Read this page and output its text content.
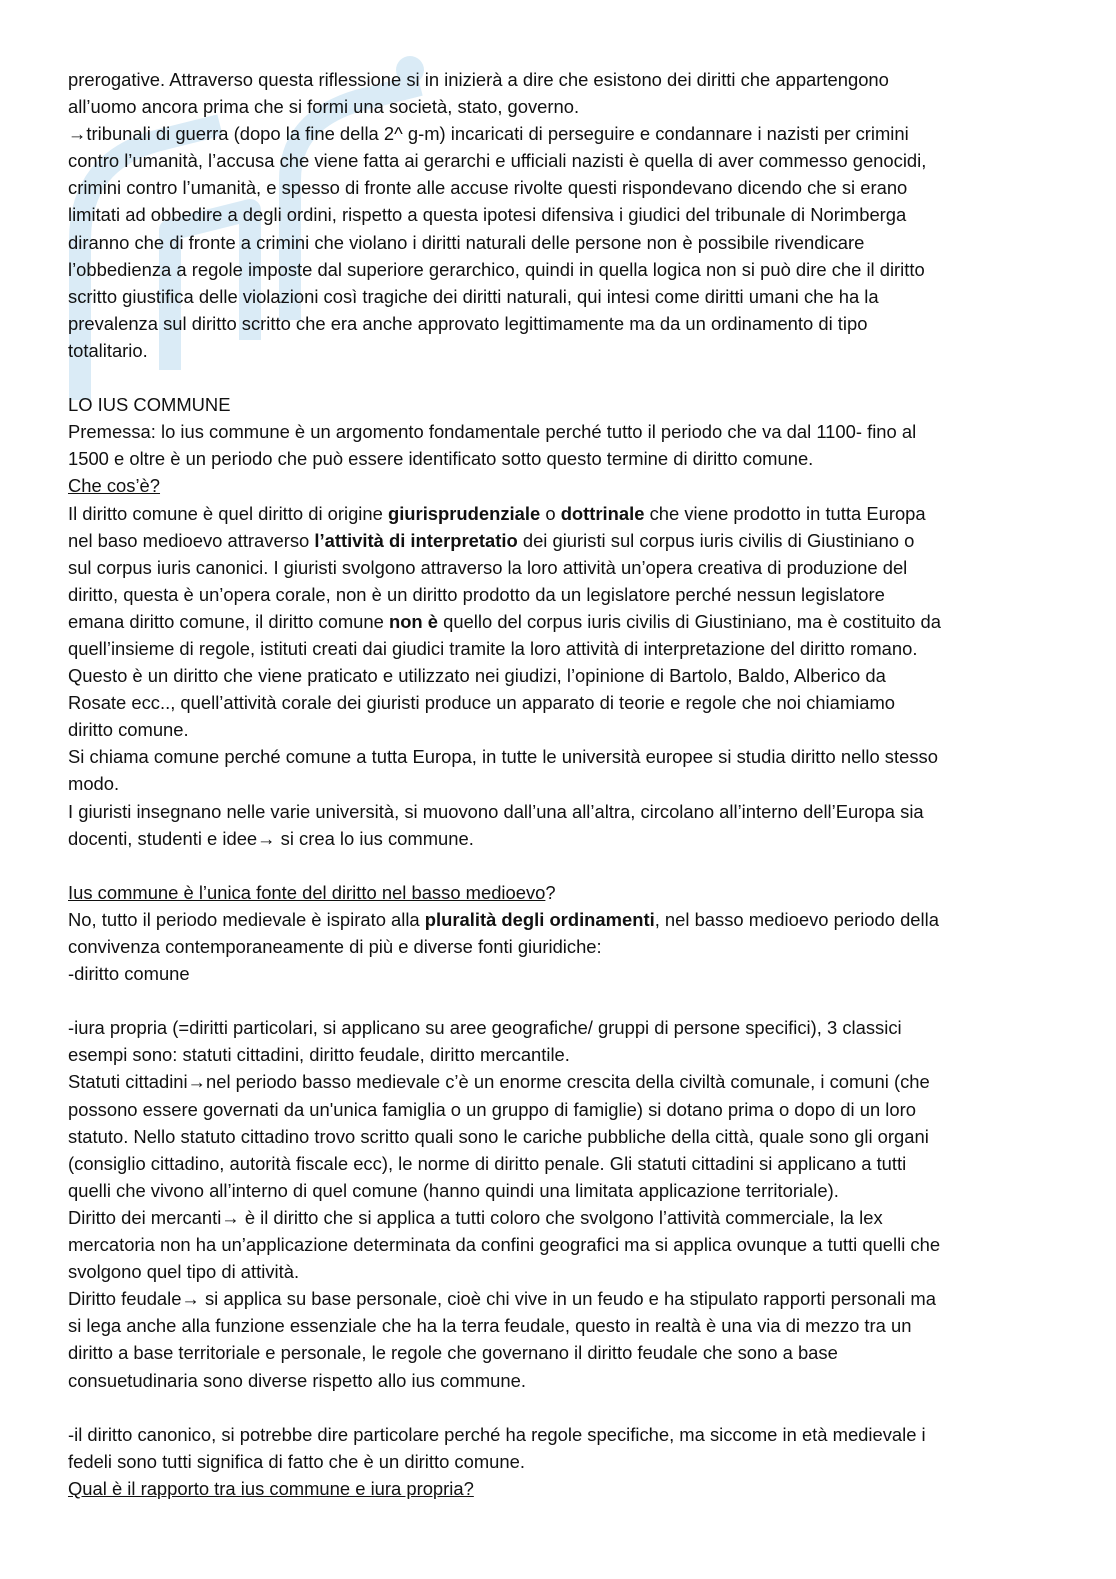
prerogative. Attraverso questa riflessione si in inizierà a dire che esistono dei diritti che appartengono

all’uomo ancora prima che si formi una società, stato, governo.

→tribunali di guerra (dopo la fine della 2^ g-m) incaricati di perseguire e condannare i nazisti per crimini

contro l’umanità, l’accusa che viene fatta ai gerarchi e ufficiali nazisti è quella di aver commesso genocidi,

crimini contro l’umanità, e spesso di fronte alle accuse rivolte questi rispondevano dicendo che si erano

limitati ad obbedire a degli ordini, rispetto a questa ipotesi difensiva i giudici del tribunale di Norimberga

diranno che di fronte a crimini che violano i diritti naturali delle persone non è possibile rivendicare

l’obbedienza a regole imposte dal superiore gerarchico, quindi in quella logica non si può dire che il diritto

scritto giustifica delle violazioni così tragiche dei diritti naturali, qui intesi come diritti umani che ha la

prevalenza sul diritto scritto che era anche approvato legittimamente ma da un ordinamento di tipo

totalitario.

LO IUS COMMUNE

Premessa: lo ius commune è un argomento fondamentale perché tutto il periodo che va dal 1100- fino al

1500 e oltre è un periodo che può essere identificato sotto questo termine di diritto comune.

Che cos’è?

Il diritto comune è quel diritto di origine giurisprudenziale o dottrinale che viene prodotto in tutta Europa

nel baso medioevo attraverso l’attività di interpretatio dei giuristi sul corpus iuris civilis di Giustiniano o

sul corpus iuris canonici. I giuristi svolgono attraverso la loro attività un’opera creativa di produzione del

diritto, questa è un’opera corale, non è un diritto prodotto da un legislatore perché nessun legislatore

emana diritto comune, il diritto comune non è quello del corpus iuris civilis di Giustiniano, ma è costituito da

quell’insieme di regole, istituti creati dai giudici tramite la loro attività di interpretazione del diritto romano.

Questo è un diritto che viene praticato e utilizzato nei giudizi, l’opinione di Bartolo, Baldo, Alberico da

Rosate ecc.., quell’attività corale dei giuristi produce un apparato di teorie e regole che noi chiamiamo

diritto comune.

Si chiama comune perché comune a tutta Europa, in tutte le università europee si studia diritto nello stesso

modo.

I giuristi insegnano nelle varie università, si muovono dall’una all’altra, circolano all’interno dell’Europa sia

docenti, studenti e idee→ si crea lo ius commune.

Ius commune è l’unica fonte del diritto nel basso medioevo?

No, tutto il periodo medievale è ispirato alla pluralità degli ordinamenti, nel basso medioevo periodo della

convivenza contemporaneamente di più e diverse fonti giuridiche:

-diritto comune

-iura propria (=diritti particolari, si applicano su aree geografiche/ gruppi di persone specifici), 3 classici

esempi sono: statuti cittadini, diritto feudale, diritto mercantile.

Statuti cittadini→nel periodo basso medievale c’è un enorme crescita della civiltà comunale, i comuni (che

possono essere governati da un'unica famiglia o un gruppo di famiglie) si dotano prima o dopo di un loro

statuto. Nello statuto cittadino trovo scritto quali sono le cariche pubbliche della città, quale sono gli organi

(consiglio cittadino, autorità fiscale ecc), le norme di diritto penale. Gli statuti cittadini si applicano a tutti

quelli che vivono all’interno di quel comune (hanno quindi una limitata applicazione territoriale).

Diritto dei mercanti→ è il diritto che si applica a tutti coloro che svolgono l’attività commerciale, la lex

mercatoria non ha un’applicazione determinata da confini geografici ma si applica ovunque a tutti quelli che

svolgono quel tipo di attività.

Diritto feudale→ si applica su base personale, cioè chi vive in un feudo e ha stipulato rapporti personali ma

si lega anche alla funzione essenziale che ha la terra feudale, questo in realtà è una via di mezzo tra un

diritto a base territoriale e personale, le regole che governano il diritto feudale che sono a base

consuetudinaria sono diverse rispetto allo ius commune.

-il diritto canonico, si potrebbe dire particolare perché ha regole specifiche, ma siccome in età medievale i

fedeli sono tutti significa di fatto che è un diritto comune.

Qual è il rapporto tra ius commune e iura propria?
